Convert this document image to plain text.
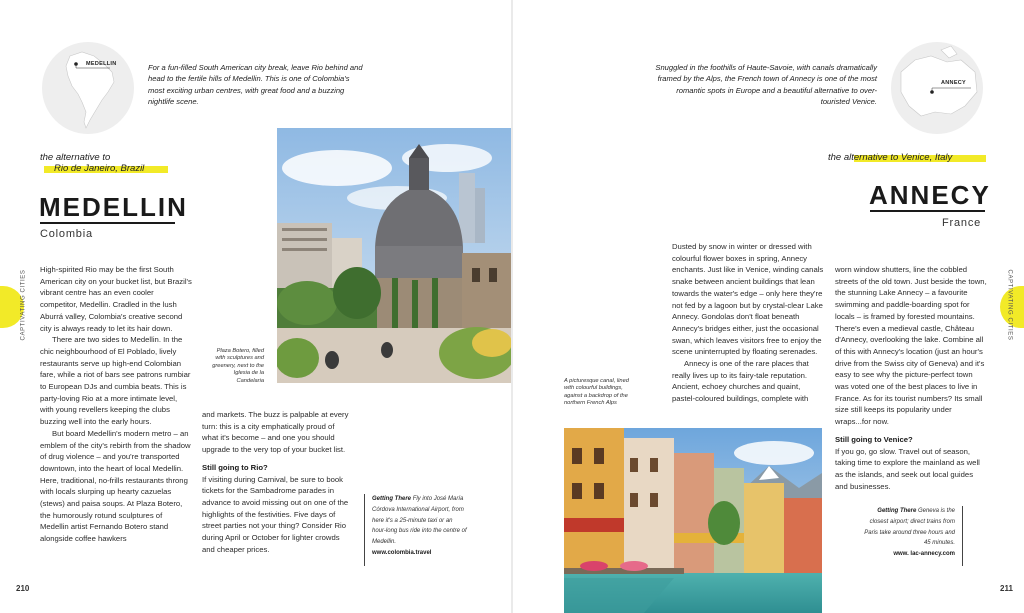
MEDELLIN	For a fun-filled South American city break, leave Rio behind and head to the fertile hills of Medellin. This is one of Colombia's most exciting urban centres, with great food and a buzzing nightlife scene.

the alternative to
Rio de Janeiro, Brazil
MEDELLIN
Colombia

High-spirited Rio may be the first South American city on your bucket list, but Brazil's vibrant centre has an even cooler competitor, Medellin. Cradled in the lush Aburrá valley, Colombia's creative second city is always ready to let its hair down.

There are two sides to Medellin. In the chic neighbourhood of El Poblado, lively restaurants serve up high-end Colombian fare, while a riot of bars see patrons rumbiar to European DJs and cumbia beats. This is party-loving Rio at a more intimate level, with young revellers keeping the clubs buzzing well into the early hours.

But board Medellin's modern metro – an emblem of the city's rebirth from the shadow of drug violence – and you're transported downtown, into the heart of local Medellin. Here, traditional, no-frills restaurants throng with locals slurping up hearty cazuelas (stews) and paisa soups. At Plaza Botero, the humorously rotund sculptures of Medellin artist Fernando Botero stand alongside coffee hawkers

and markets. The buzz is palpable at every turn: this is a city emphatically proud of what it's become – and one you should upgrade to the very top of your bucket list.

Still going to Rio?

If visiting during Carnival, be sure to book tickets for the Sambadrome parades in advance to avoid missing out on one of the highlights of the festivities. Five days of street parties not your thing? Consider Rio during April or October for lighter crowds and cheaper prices.

Plaza Botero, filled with sculptures and greenery, next to the Iglesia de la Candelaria

Getting There Fly into José María Córdova International Airport, from here it's a 25-minute taxi or an hour-long bus ride into the centre of Medellin.
www.colombia.travel

CAPTIVATING CITIES
210

Snuggled in the foothills of Haute-Savoie, with canals dramatically framed by the Alps, the French town of Annecy is one of the most romantic spots in Europe and a beautiful alternative to over-touristed Venice.

ANNECY
the alternative to Venice, Italy
ANNECY
France

Dusted by snow in winter or dressed with colourful flower boxes in spring, Annecy enchants. Just like in Venice, winding canals snake between ancient buildings that lean towards the water's edge – only here they're not fed by a lagoon but by crystal-clear Lake Annecy. Gondolas don't float beneath Annecy's bridges either, just the occasional swan, which leaves visitors free to enjoy the scene uninterrupted by floating serenades.

Annecy is one of the rare places that really lives up to its fairy-tale reputation. Ancient, echoey churches and quaint, pastel-coloured buildings, complete with

worn window shutters, line the cobbled streets of the old town. Just beside the town, the stunning Lake Annecy – a favourite swimming and paddle-boarding spot for locals – is framed by forested mountains. There's even a medieval castle, Château d'Annecy, overlooking the lake. Combine all of this with Annecy's location (just an hour's drive from the Swiss city of Geneva) and it's easy to see why the picture-perfect town was voted one of the best places to live in France. As for its tourist numbers? Its small size still keeps its popularity under wraps...for now.

Still going to Venice?

If you go, go slow. Travel out of season, taking time to explore the mainland as well as the islands, and seek out local guides and businesses.

A picturesque canal, lined with colourful buildings, against a backdrop of the northern French Alps

Getting There Geneva is the closest airport; direct trains from Paris take around three hours and 45 minutes.
www. lac-annecy.com

CAPTIVATING CITIES
211
